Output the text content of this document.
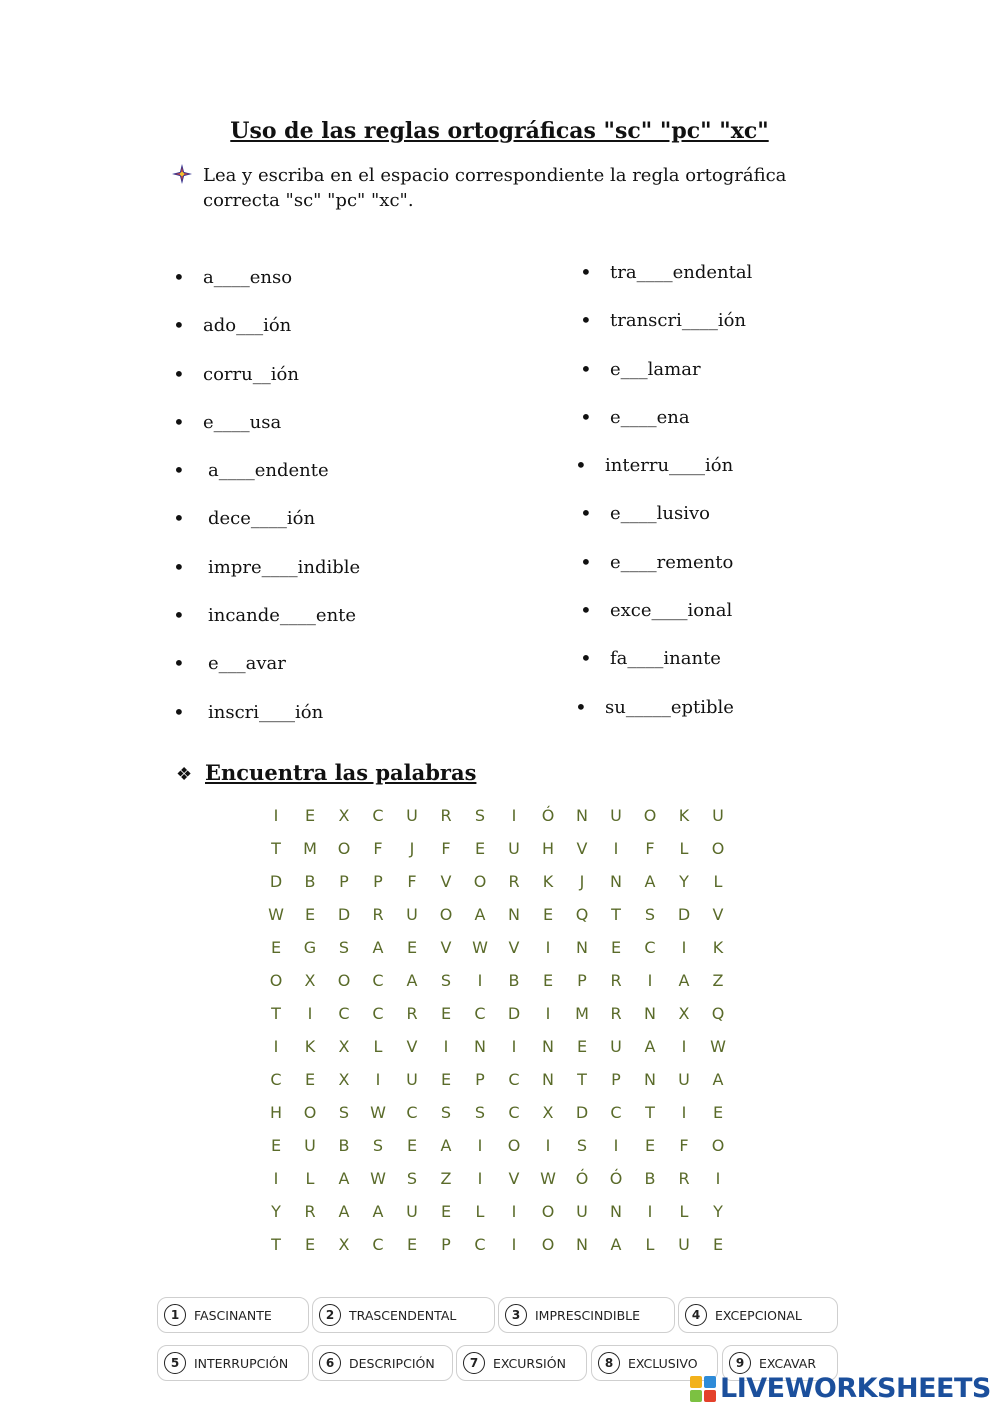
Uso de las reglas ortográficas "sc" "pc" "xc"
Lea y escriba en el espacio correspondiente la regla ortográfica correcta "sc" "pc" "xc".
• a____enso
• ado___ión
• corru__ión
• e____usa
• a____endente
• dece____ión
• impre____indible
• incande____ente
• e___avar
• inscri____ión
• tra____endental
• transcri____ión
• e___lamar
• e____ena
• interru____ión
• e____lusivo
• e____remento
• exce____ional
• fa____inante
• su_____eptible
❖ Encuentra las palabras
I	E	X	C	U	R	S	I	Ó	N	U	O	K	U
T	M	O	F	J	F	E	U	H	V	I	F	L	O
D	B	P	P	F	V	O	R	K	J	N	A	Y	L
W	E	D	R	U	O	A	N	E	Q	T	S	D	V
E	G	S	A	E	V	W	V	I	N	E	C	I	K
O	X	O	C	A	S	I	B	E	P	R	I	A	Z
T	I	C	C	R	E	C	D	I	M	R	N	X	Q
I	K	X	L	V	I	N	I	N	E	U	A	I	W
C	E	X	I	U	E	P	C	N	T	P	N	U	A
H	O	S	W	C	S	S	C	X	D	C	T	I	E
E	U	B	S	E	A	I	O	I	S	I	E	F	O
I	L	A	W	S	Z	I	V	W	Ó	Ó	B	R	I
Y	R	A	A	U	E	L	I	O	U	N	I	L	Y
T	E	X	C	E	P	C	I	O	N	A	L	U	E
1	FASCINANTE	2	TRASCENDENTAL	3	IMPRESCINDIBLE	4	EXCEPCIONAL
5	INTERRUPCIÓN	6	DESCRIPCIÓN	7	EXCURSIÓN	8	EXCLUSIVO	9	EXCAVAR
LIVEWORKSHEETS
